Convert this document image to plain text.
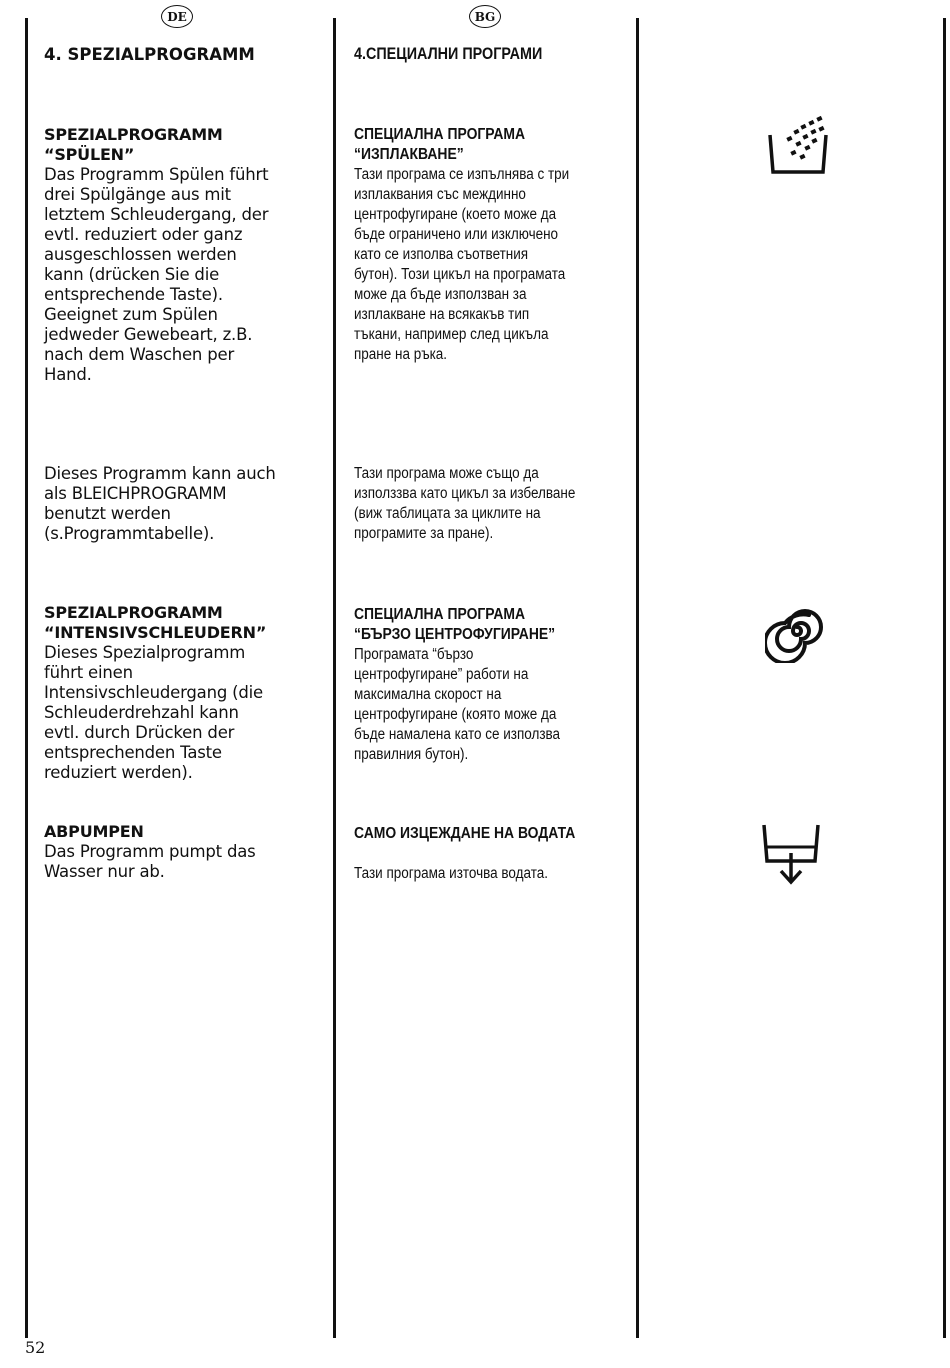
DE	BG
4. SPEZIALPROGRAMM	4.СПЕЦИАЛНИ ПРОГРАМИ
SPEZIALPROGRAMM
“SPÜLEN”
Das Programm Spülen führt
drei Spülgänge aus mit
letztem Schleudergang, der
evtl. reduziert oder ganz
ausgeschlossen werden
kann (drücken Sie die
entsprechende Taste).
Geeignet zum Spülen
jedweder Gewebeart, z.B.
nach dem Waschen per
Hand.
СПЕЦИАЛНА ПРОГРАМА
“ИЗПЛАКВАНЕ”
Тази програма се изпълнява с три
изплаквания със междинно
центрофугиране (което може да
бъде ограничено или изключено
като се изполва съответния
бутон). Този цикъл на програмата
може да бъде използван за
изплакване на всякакъв тип
тъкани, например след цикъла
пране на ръка.
Dieses Programm kann auch
als BLEICHPROGRAMM
benutzt werden
(s.Programmtabelle).
Тази програма може също да
използзва като цикъл за избелване
(виж таблицата за циклите на
програмите за пране).
SPEZIALPROGRAMM
“INTENSIVSCHLEUDERN”
Dieses Spezialprogramm
führt einen
Intensivschleudergang (die
Schleuderdrehzahl kann
evtl. durch Drücken der
entsprechenden Taste
reduziert werden).
СПЕЦИАЛНА ПРОГРАМА
“БЪРЗО ЦЕНТРОФУГИРАНЕ”
Програмата “бързо
центрофугиране” работи на
максимална скорост на
центрофугиране (която може да
бъде намалена като се използва
правилния бутон).
ABPUMPEN
Das Programm pumpt das
Wasser nur ab.
САМО ИЗЦЕЖДАНЕ НА ВОДАТА
Тази програма източва водата.
52
